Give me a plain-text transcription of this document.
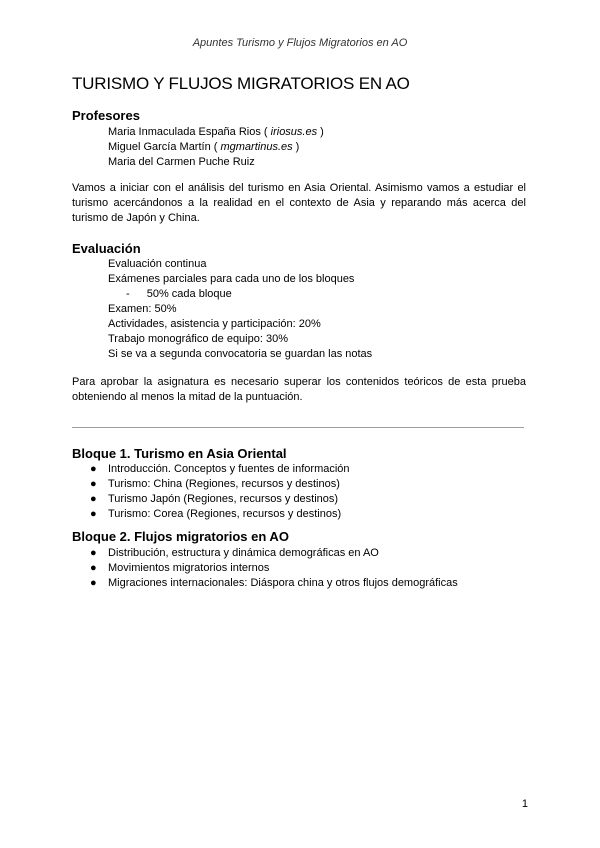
Apuntes Turismo y Flujos Migratorios en AO
TURISMO Y FLUJOS MIGRATORIOS EN AO
Profesores
Maria Inmaculada España Rios ( iriosus.es )
Miguel García Martín ( mgmartinus.es )
Maria del Carmen Puche Ruiz

Vamos a iniciar con el análisis del turismo en Asia Oriental. Asimismo vamos a estudiar el turismo acercándonos a la realidad en el contexto de Asia y reparando más acerca del turismo de Japón y China.

Evaluación
Evaluación continua
Exámenes parciales para cada uno de los bloques
- 50% cada bloque
Examen: 50%
Actividades, asistencia y participación: 20%
Trabajo monográfico de equipo: 30%
Si se va a segunda convocatoria se guardan las notas

Para aprobar la asignatura es necesario superar los contenidos teóricos de esta prueba obteniendo al menos la mitad de la puntuación.

Bloque 1. Turismo en Asia Oriental
● Introducción. Conceptos y fuentes de información
● Turismo: China (Regiones, recursos y destinos)
● Turismo Japón (Regiones, recursos y destinos)
● Turismo: Corea (Regiones, recursos y destinos)
Bloque 2. Flujos migratorios en AO
● Distribución, estructura y dinámica demográficas en AO
● Movimientos migratorios internos
● Migraciones internacionales: Diáspora china y otros flujos demográficas
1
